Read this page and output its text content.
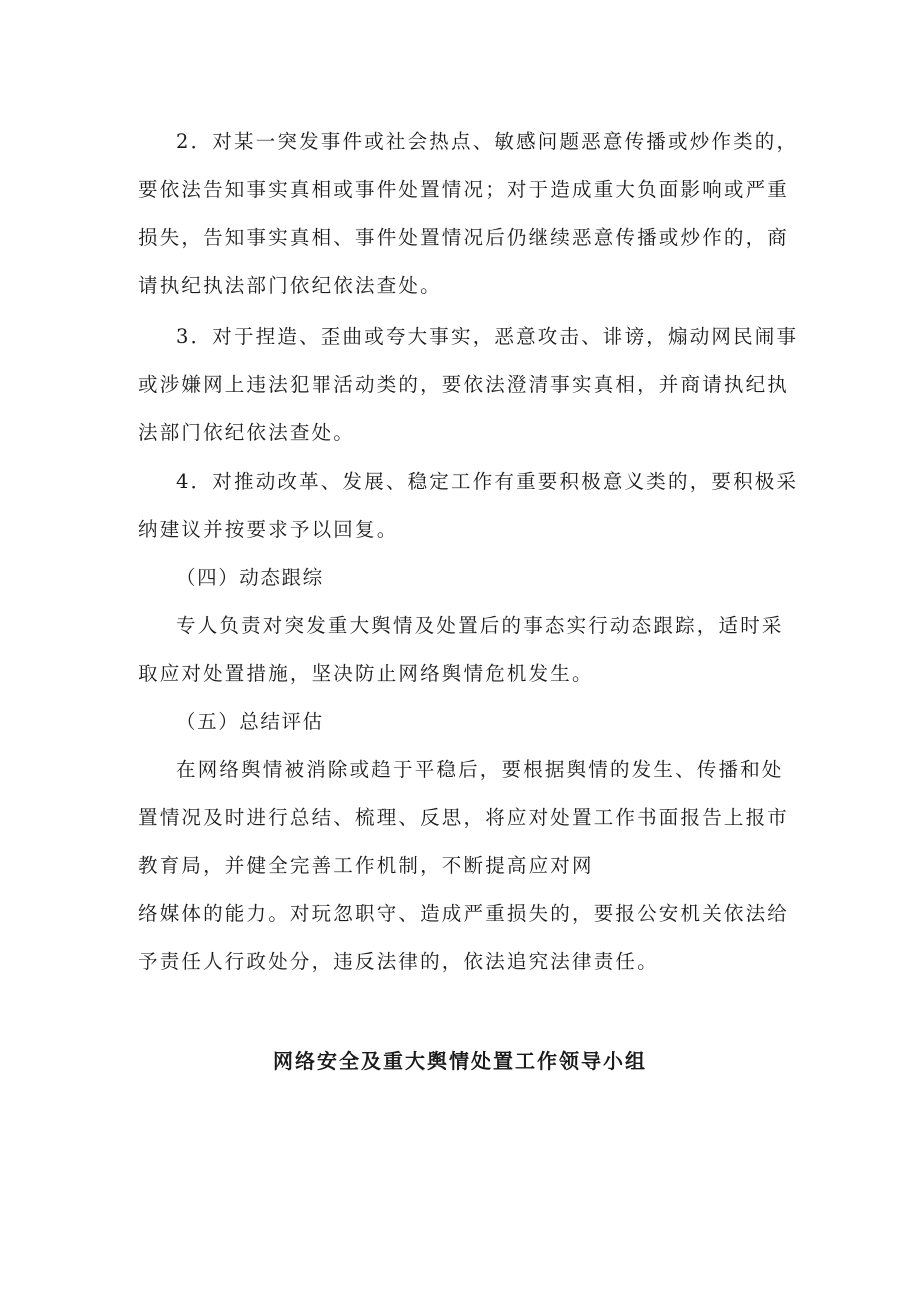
2．对某一突发事件或社会热点、敏感问题恶意传播或炒作类的，
要依法告知事实真相或事件处置情况；对于造成重大负面影响或严重
损失，告知事实真相、事件处置情况后仍继续恶意传播或炒作的，商
请执纪执法部门依纪依法查处。
3．对于捏造、歪曲或夸大事实，恶意攻击、诽谤，煽动网民闹事
或涉嫌网上违法犯罪活动类的，要依法澄清事实真相，并商请执纪执
法部门依纪依法查处。
4．对推动改革、发展、稳定工作有重要积极意义类的，要积极采
纳建议并按要求予以回复。
（四）动态跟综
专人负责对突发重大舆情及处置后的事态实行动态跟踪，适时采
取应对处置措施，坚决防止网络舆情危机发生。
（五）总结评估
在网络舆情被消除或趋于平稳后，要根据舆情的发生、传播和处
置情况及时进行总结、梳理、反思，将应对处置工作书面报告上报市
教育局，并健全完善工作机制，不断提高应对网
络媒体的能力。对玩忽职守、造成严重损失的，要报公安机关依法给
予责任人行政处分，违反法律的，依法追究法律责任。
网络安全及重大舆情处置工作领导小组
